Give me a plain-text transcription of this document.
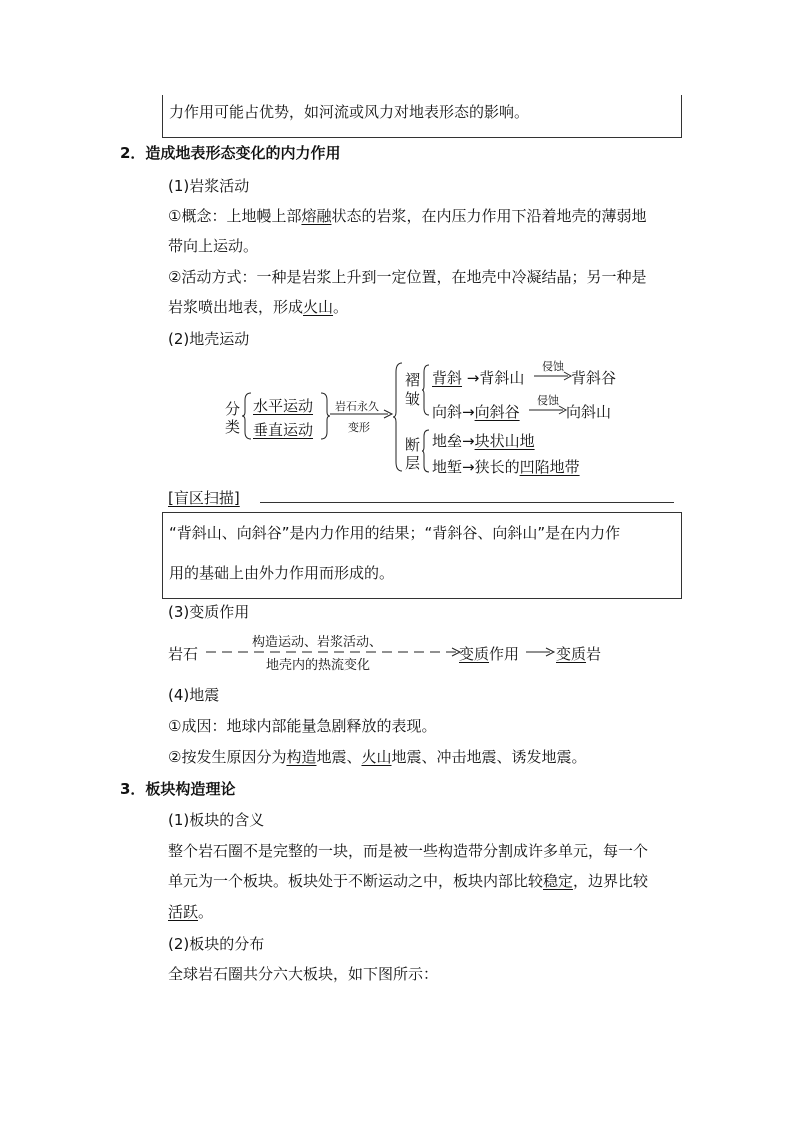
力作用可能占优势，如河流或风力对地表形态的影响。
2．造成地表形态变化的内力作用
(1)岩浆活动
①概念：上地幔上部熔融状态的岩浆，在内压力作用下沿着地壳的薄弱地
带向上运动。
②活动方式：一种是岩浆上升到一定位置，在地壳中冷凝结晶；另一种是
岩浆喷出地表，形成火山。
(2)地壳运动
分
类
水平运动
垂直运动
岩石永久
变形
褶
皱
背斜 →背斜山
侵蚀
背斜谷
向斜→向斜谷
侵蚀
向斜山
断
层
地垒→块状山地
地堑→狭长的凹陷地带
[盲区扫描]
“背斜山、向斜谷”是内力作用的结果；“背斜谷、向斜山”是在内力作
用的基础上由外力作用而形成的。
(3)变质作用
岩石
构造运动、岩浆活动、
地壳内的热流变化
变质作用 变质岩
(4)地震
①成因：地球内部能量急剧释放的表现。
②按发生原因分为构造地震、火山地震、冲击地震、诱发地震。
3．板块构造理论
(1)板块的含义
整个岩石圈不是完整的一块，而是被一些构造带分割成许多单元，每一个
单元为一个板块。板块处于不断运动之中，板块内部比较稳定，边界比较
活跃。
(2)板块的分布
全球岩石圈共分六大板块，如下图所示：
